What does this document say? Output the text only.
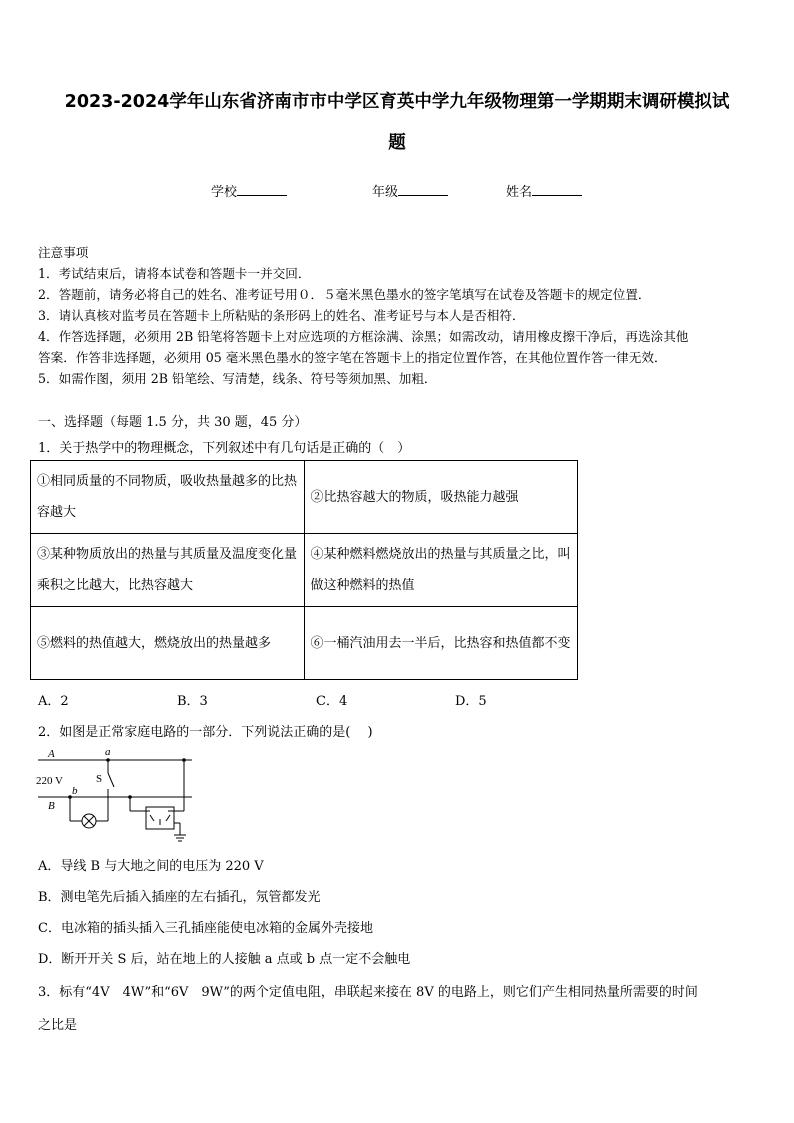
2023-2024学年山东省济南市市中学区育英中学九年级物理第一学期期末调研模拟试
题
学校	年级	姓名
注意事项
1．考试结束后，请将本试卷和答题卡一并交回．
2．答题前，请务必将自己的姓名、准考证号用０．５毫米黑色墨水的签字笔填写在试卷及答题卡的规定位置．
3．请认真核对监考员在答题卡上所粘贴的条形码上的姓名、准考证号与本人是否相符．
4．作答选择题，必须用 2B 铅笔将答题卡上对应选项的方框涂满、涂黑；如需改动，请用橡皮擦干净后，再选涂其他
答案．作答非选择题，必须用 05 毫米黑色墨水的签字笔在答题卡上的指定位置作答，在其他位置作答一律无效．
5．如需作图，须用 2B 铅笔绘、写清楚，线条、符号等须加黑、加粗．
一、选择题（每题 1.5 分，共 30 题，45 分）
1．关于热学中的物理概念，下列叙述中有几句话是正确的（　）
①相同质量的不同物质，吸收热量越多的比热容越大	②比热容越大的物质，吸热能力越强
③某种物质放出的热量与其质量及温度变化量乘积之比越大，比热容越大	④某种燃料燃烧放出的热量与其质量之比，叫做这种燃料的热值
⑤燃料的热值越大，燃烧放出的热量越多	⑥一桶汽油用去一半后，比热容和热值都不变
A．2	B．3	C．4	D．5
2．如图是正常家庭电路的一部分．下列说法正确的是(　 )
A
B
a
b
220 V	S
A．导线 B 与大地之间的电压为 220 V
B．测电笔先后插入插座的左右插孔，氖管都发光
C．电冰箱的插头插入三孔插座能使电冰箱的金属外壳接地
D．断开开关 S 后，站在地上的人接触 a 点或 b 点一定不会触电
3．标有“4V　4W”和“6V　9W”的两个定值电阻，串联起来接在 8V 的电路上，则它们产生相同热量所需要的时间
之比是
